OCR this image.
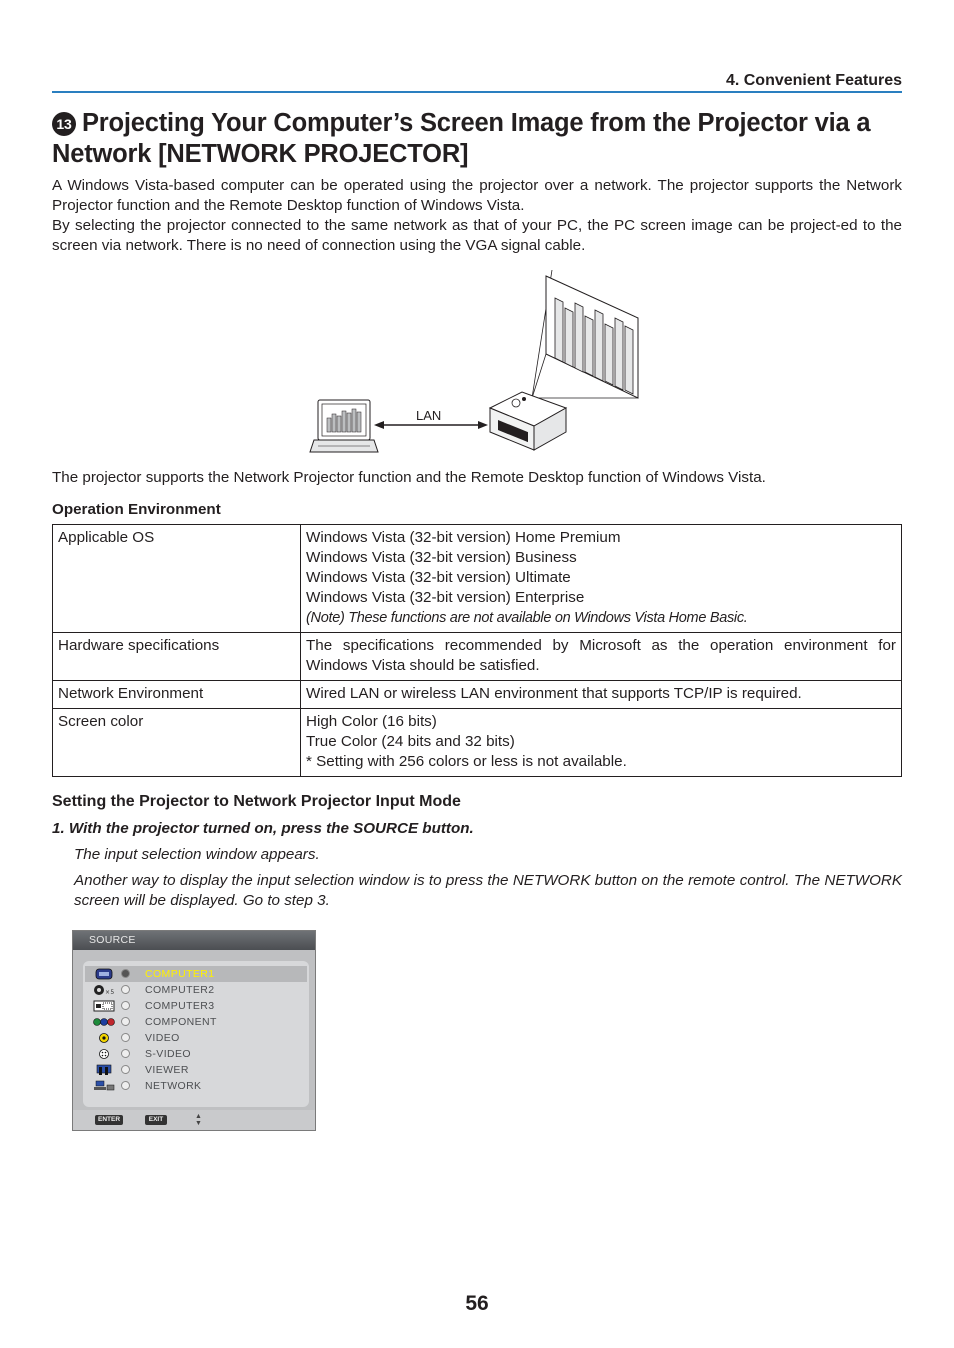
4. Convenient Features
13 Projecting Your Computer’s Screen Image from the Projector via a Network [NETWORK PROJECTOR]
A Windows Vista-based computer can be operated using the projector over a network. The projector supports the Network Projector function and the Remote Desktop function of Windows Vista.
By selecting the projector connected to the same network as that of your PC, the PC screen image can be project-ed to the screen via network. There is no need of connection using the VGA signal cable.
LAN
The projector supports the Network Projector function and the Remote Desktop function of Windows Vista.
Operation Environment
Applicable OS	Windows Vista (32-bit version) Home Premium
Windows Vista (32-bit version) Business
Windows Vista (32-bit version) Ultimate
Windows Vista (32-bit version) Enterprise
(Note) These functions are not available on Windows Vista Home Basic.

Hardware specifications	The specifications recommended by Microsoft as the operation environment for Windows Vista should be satisfied.

Network Environment	Wired LAN or wireless LAN environment that supports TCP/IP is required.

Screen color	High Color (16 bits)
True Color (24 bits and 32 bits)
* Setting with 256 colors or less is not available.
Setting the Projector to Network Projector Input Mode
1. With the projector turned on, press the SOURCE button.
The input selection window appears.
Another way to display the input selection window is to press the NETWORK button on the remote control. The NETWORK screen will be displayed. Go to step 3.
SOURCE
COMPUTER1
×5	COMPUTER2
COMPUTER3
COMPONENT
VIDEO
S-VIDEO
VIEWER
NETWORK
ENTER	EXIT	▲
▼
56
